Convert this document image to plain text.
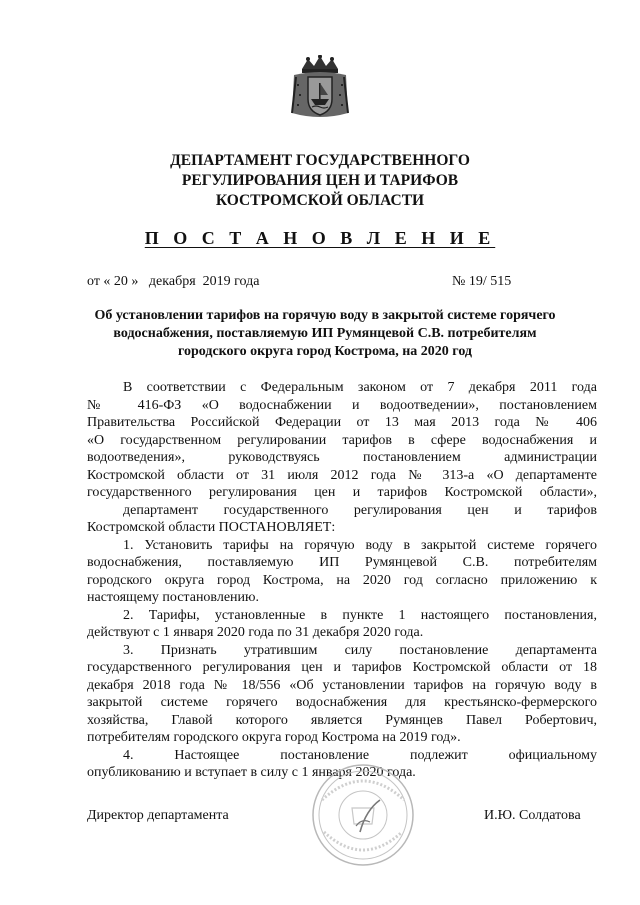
ДЕПАРТАМЕНТ ГОСУДАРСТВЕННОГО
РЕГУЛИРОВАНИЯ ЦЕН И ТАРИФОВ
КОСТРОМСКОЙ ОБЛАСТИ
П О С Т А Н О В Л Е Н И Е
от « 20 »   декабря  2019 года	№ 19/ 515
Об установлении тарифов на горячую воду в закрытой системе горячего
водоснабжения, поставляемую ИП Румянцевой С.В. потребителям
городского округа город Кострома, на 2020 год
В соответствии с Федеральным законом от 7 декабря 2011 года
№ 416-ФЗ «О водоснабжении и водоотведении», постановлением
Правительства Российской Федерации от 13 мая 2013 года № 406
«О государственном регулировании тарифов в сфере водоснабжения и
водоотведения», руководствуясь постановлением администрации
Костромской области от 31 июля 2012 года № 313-а «О департаменте
государственного регулирования цен и тарифов Костромской области»,
департамент государственного регулирования цен и тарифов
Костромской области ПОСТАНОВЛЯЕТ:
1. Установить тарифы на горячую воду в закрытой системе горячего
водоснабжения, поставляемую ИП Румянцевой С.В. потребителям
городского округа город Кострома, на 2020 год согласно приложению к
настоящему постановлению.
2. Тарифы, установленные в пункте 1 настоящего постановления,
действуют с 1 января 2020 года по 31 декабря 2020 года.
3. Признать утратившим силу постановление департамента
государственного регулирования цен и тарифов Костромской области от 18
декабря 2018 года № 18/556 «Об установлении тарифов на горячую воду в
закрытой системе горячего водоснабжения для крестьянско-фермерского
хозяйства, Главой которого является Румянцев Павел Робертович,
потребителям городского округа город Кострома на 2019 год».
4. Настоящее постановление подлежит официальному
опубликованию и вступает в силу с 1 января 2020 года.
Директор департамента	И.Ю. Солдатова
